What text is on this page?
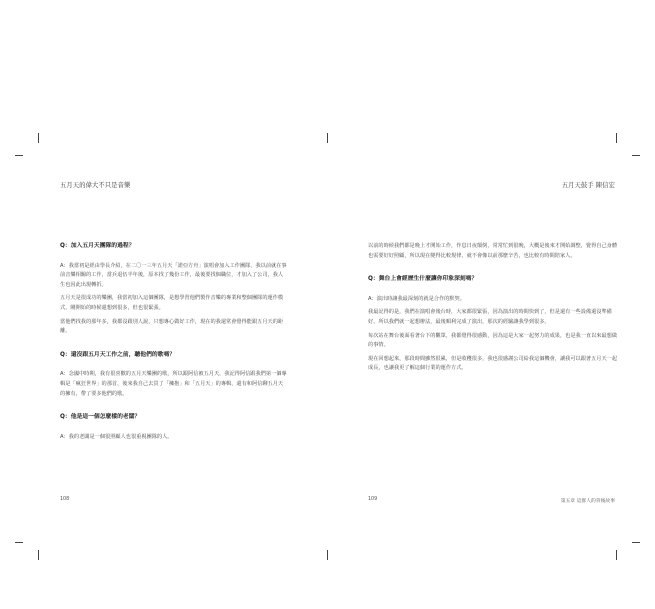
五月天的偉大不只是音樂
Q：加入五月天團隊的過程？
A：我當初是經由學長介紹，在二〇一三年五月天「諾亞方舟」演唱會加入工作團隊，我以前就在事前音樂相關的工作，當兵退伍半年後，原本找了幾份工作，最後要找個職位，才加入了公司，我人生也因此出現轉折。
五月天是很成功的樂團，我當初加入這個團隊，是想學習他們製作音樂的專業和整個團隊的運作模式，剛開始的時候還想到很多，但也很緊張。
當他們找我的那年多，我都沒跟別人說，只想專心做好工作，現在的我還常會覺得能跟五月天的距離。
Q：還沒跟五月天工作之前，聽他們的歌嗎？
A：念國中時期，我有很喜歡的五月天樂團的歌，所以跟阿信被五月天，我記得阿信跟我們第一個專輯是「瘋狂世界」的那首，後來我自己去買了「擁抱」和「五月天」的專輯，還有和阿信聊五月天的擁有，帶了要多他們的歌。
Q：他是這一個怎麼樣的老闆？
A：我的老闆是一個很照顧人也很重視團隊的人。
108
五月天鼓手 陳信宏
以前的時候我們都是晚上才開始工作，作息日夜顛倒，常常忙到很晚，大概是後來才開始調整，覺得自己身體也需要好好照顧，所以現在變得比較規律，就不會像以前那麼辛苦，也比較有時間陪家人。
Q：舞台上會經歷生什麼讓你印象深刻嗎？
A：演出時讓我最深刻的就是合作的默契。
我最記得的是，我們在演唱會後台時，大家都很緊張，因為演出的時間快到了，但是還有一些設備還沒準備好，所以我們就一起想辦法，最後順利完成了演出，那次的經驗讓我學到很多。
每次站在舞台後面看著台下的觀眾，我都覺得很感動，因為這是大家一起努力的成果，也是我一直以來最想做的事情。
現在回想起來，那段時間雖然很累，但是收穫很多，我也很感謝公司給我這個機會，讓我可以跟著五月天一起成長，也讓我更了解這個行業的運作方式。
109	第五章 這群人的背後故事
